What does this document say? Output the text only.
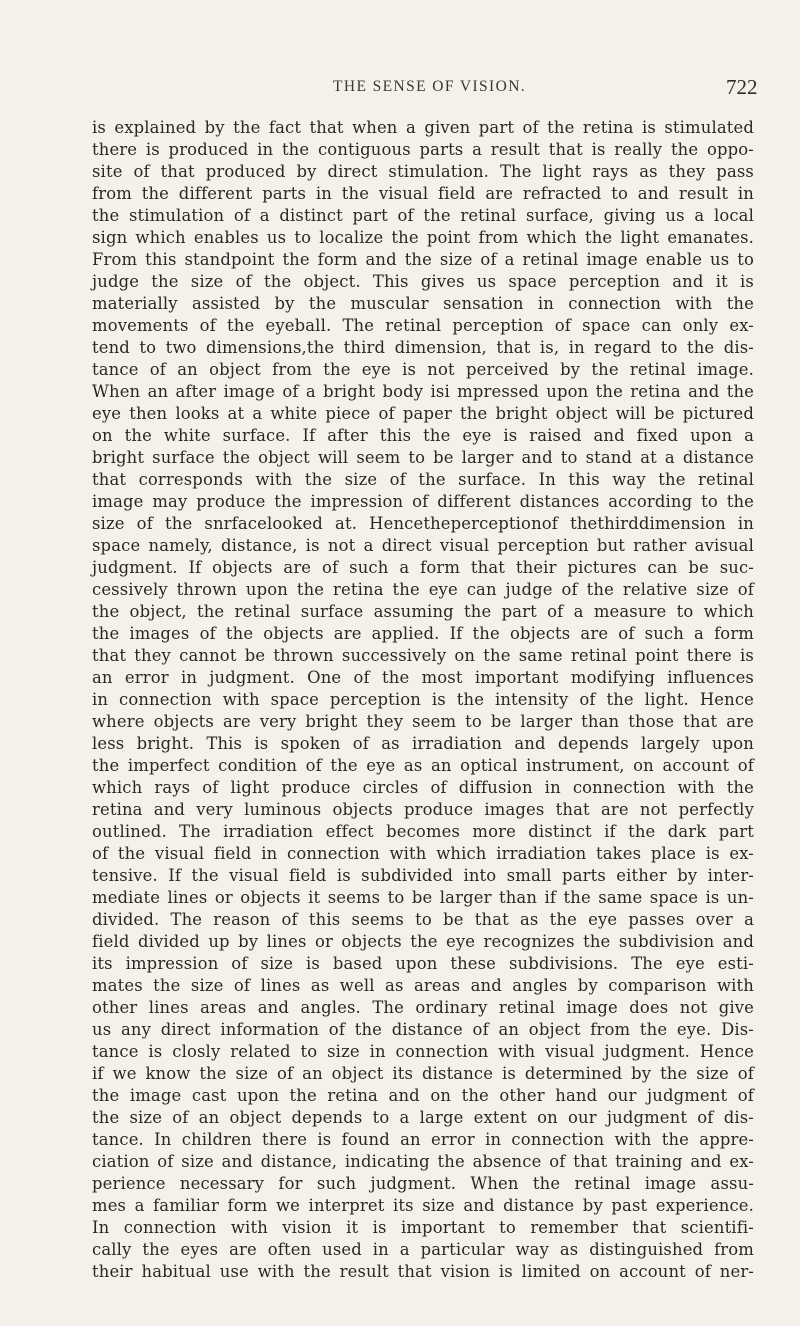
THE SENSE OF VISION.	722
is explained by the fact that when a given part of the retina is stimulated
there is produced in the contiguous parts a result that is really the oppo-
site of that produced by direct stimulation. The light rays as they pass
from the different parts in the visual field are refracted to and result in
the stimulation of a distinct part of the retinal surface, giving us a local
sign which enables us to localize the point from which the light emanates.
From this standpoint the form and the size of a retinal image enable us to
judge the size of the object. This gives us space perception and it is
materially assisted by the muscular sensation in connection with the
movements of the eyeball. The retinal perception of space can only ex-
tend to two dimensions,the third dimension, that is, in regard to the dis-
tance of an object from the eye is not perceived by the retinal image.
When an after image of a bright body isi mpressed upon the retina and the
eye then looks at a white piece of paper the bright object will be pictured
on the white surface. If after this the eye is raised and fixed upon a
bright surface the object will seem to be larger and to stand at a distance
that corresponds with the size of the surface. In this way the retinal
image may produce the impression of different distances according to the
size of the snrfacelooked at. Hencetheperceptionof thethirddimension in
space namely, distance, is not a direct visual perception but rather avisual
judgment. If objects are of such a form that their pictures can be suc-
cessively thrown upon the retina the eye can judge of the relative size of
the object, the retinal surface assuming the part of a measure to which
the images of the objects are applied. If the objects are of such a form
that they cannot be thrown successively on the same retinal point there is
an error in judgment. One of the most important modifying influences
in connection with space perception is the intensity of the light. Hence
where objects are very bright they seem to be larger than those that are
less bright. This is spoken of as irradiation and depends largely upon
the imperfect condition of the eye as an optical instrument, on account of
which rays of light produce circles of diffusion in connection with the
retina and very luminous objects produce images that are not perfectly
outlined. The irradiation effect becomes more distinct if the dark part
of the visual field in connection with which irradiation takes place is ex-
tensive. If the visual field is subdivided into small parts either by inter-
mediate lines or objects it seems to be larger than if the same space is un-
divided. The reason of this seems to be that as the eye passes over a
field divided up by lines or objects the eye recognizes the subdivision and
its impression of size is based upon these subdivisions. The eye esti-
mates the size of lines as well as areas and angles by comparison with
other lines areas and angles. The ordinary retinal image does not give
us any direct information of the distance of an object from the eye. Dis-
tance is closly related to size in connection with visual judgment. Hence
if we know the size of an object its distance is determined by the size of
the image cast upon the retina and on the other hand our judgment of
the size of an object depends to a large extent on our judgment of dis-
tance. In children there is found an error in connection with the appre-
ciation of size and distance, indicating the absence of that training and ex-
perience necessary for such judgment. When the retinal image assu-
mes a familiar form we interpret its size and distance by past experience.
In connection with vision it is important to remember that scientifi-
cally the eyes are often used in a particular way as distinguished from
their habitual use with the result that vision is limited on account of ner-
